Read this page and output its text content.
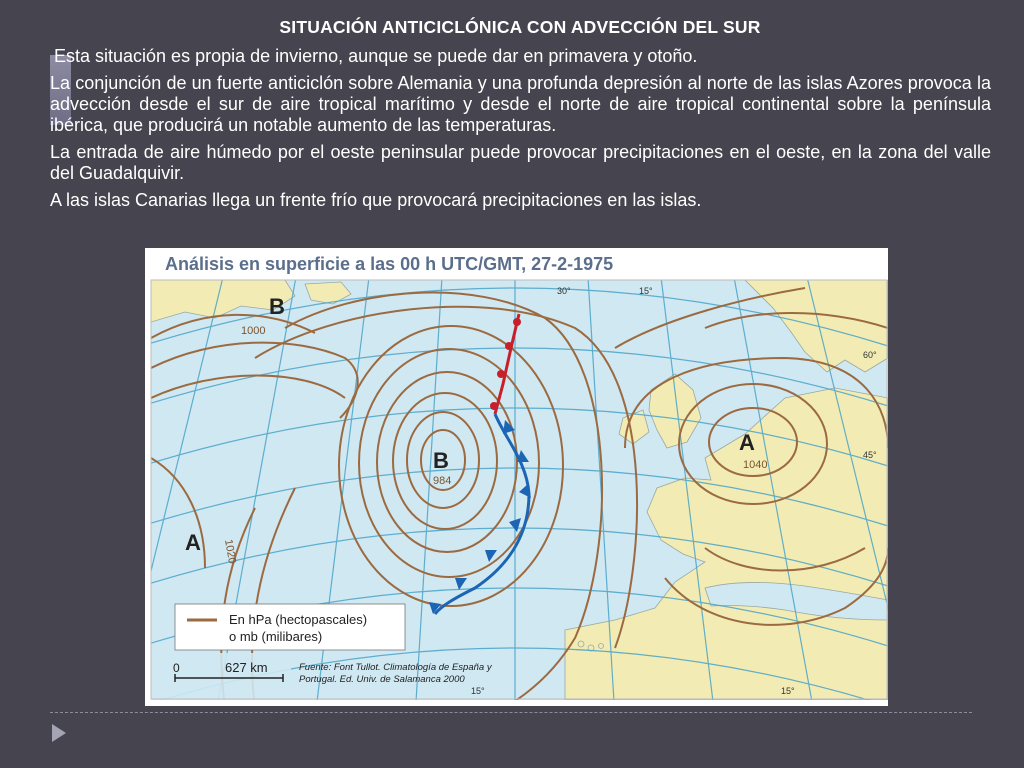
SITUACIÓN ANTICICLÓNICA CON ADVECCIÓN DEL SUR

Esta situación es propia de invierno, aunque se puede dar en primavera y otoño.

La conjunción de un fuerte anticiclón sobre Alemania y una profunda depresión al norte de las islas Azores provoca la advección desde el sur de aire tropical marítimo y desde el norte de aire tropical continental sobre la península ibérica, que producirá un notable aumento de las temperaturas.

La entrada de aire húmedo por el oeste peninsular puede provocar precipitaciones en el oeste, en la zona del valle del Guadalquivir.

A las islas Canarias llega un frente frío que provocará precipitaciones en las islas.

Análisis en superficie a las 00 h UTC/GMT, 27-2-1975
B
B
A
A
1000
984
1040
1020
30°	15°
60°
45°
15°	15°
En hPa (hectopascales)
o mb (milibares)
0	627 km	Fuente: Font Tullot. Climatología de España y
Portugal. Ed. Univ. de Salamanca 2000
